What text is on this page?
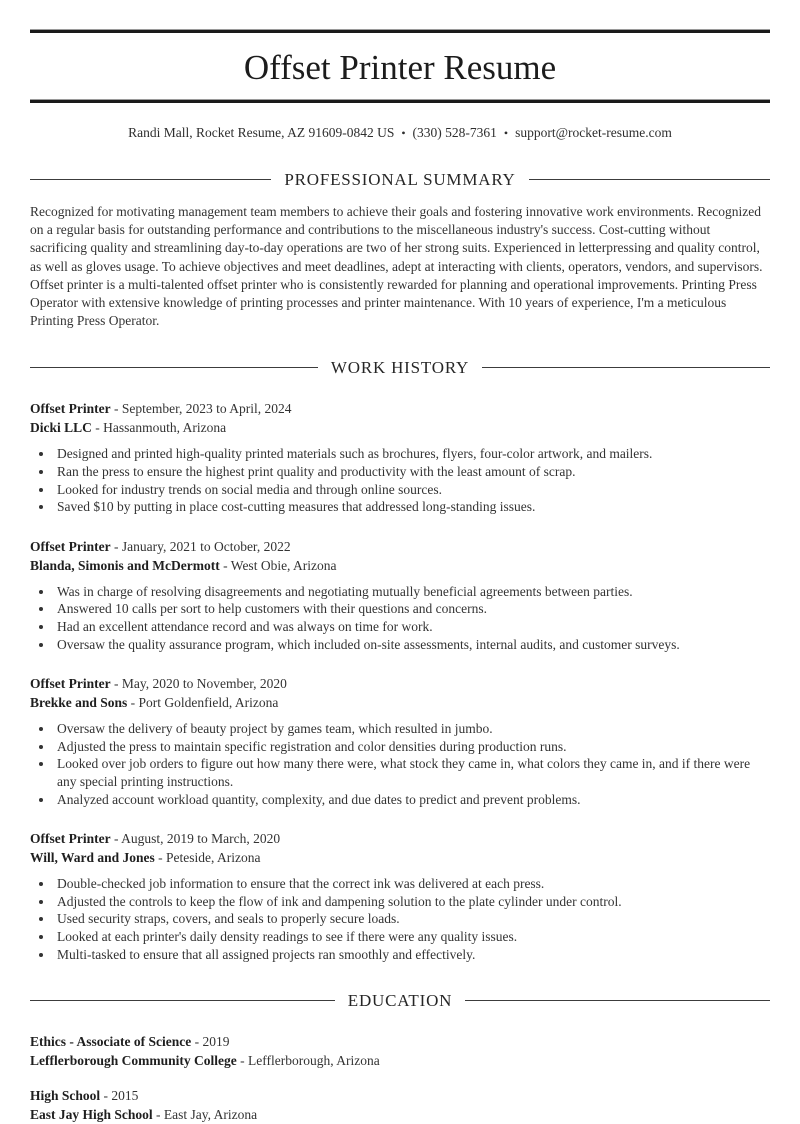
Offset Printer Resume
Randi Mall, Rocket Resume, AZ 91609-0842 US • (330) 528-7361 • support@rocket-resume.com
PROFESSIONAL SUMMARY

Recognized for motivating management team members to achieve their goals and fostering innovative work environments. Recognized on a regular basis for outstanding performance and contributions to the miscellaneous industry's success. Cost-cutting without sacrificing quality and streamlining day-to-day operations are two of her strong suits. Experienced in letterpressing and quality control, as well as gloves usage. To achieve objectives and meet deadlines, adept at interacting with clients, operators, vendors, and supervisors. Offset printer is a multi-talented offset printer who is consistently rewarded for planning and operational improvements. Printing Press Operator with extensive knowledge of printing processes and printer maintenance. With 10 years of experience, I'm a meticulous Printing Press Operator.

WORK HISTORY
Offset Printer - September, 2023 to April, 2024
Dicki LLC - Hassanmouth, Arizona
• Designed and printed high-quality printed materials such as brochures, flyers, four-color artwork, and mailers.
• Ran the press to ensure the highest print quality and productivity with the least amount of scrap.
• Looked for industry trends on social media and through online sources.
• Saved $10 by putting in place cost-cutting measures that addressed long-standing issues.
Offset Printer - January, 2021 to October, 2022
Blanda, Simonis and McDermott - West Obie, Arizona
• Was in charge of resolving disagreements and negotiating mutually beneficial agreements between parties.
• Answered 10 calls per sort to help customers with their questions and concerns.
• Had an excellent attendance record and was always on time for work.
• Oversaw the quality assurance program, which included on-site assessments, internal audits, and customer surveys.
Offset Printer - May, 2020 to November, 2020
Brekke and Sons - Port Goldenfield, Arizona
• Oversaw the delivery of beauty project by games team, which resulted in jumbo.
• Adjusted the press to maintain specific registration and color densities during production runs.
• Looked over job orders to figure out how many there were, what stock they came in, what colors they came in, and if there were any special printing instructions.
• Analyzed account workload quantity, complexity, and due dates to predict and prevent problems.
Offset Printer - August, 2019 to March, 2020
Will, Ward and Jones - Peteside, Arizona
• Double-checked job information to ensure that the correct ink was delivered at each press.
• Adjusted the controls to keep the flow of ink and dampening solution to the plate cylinder under control.
• Used security straps, covers, and seals to properly secure loads.
• Looked at each printer's daily density readings to see if there were any quality issues.
• Multi-tasked to ensure that all assigned projects ran smoothly and effectively.
EDUCATION
Ethics - Associate of Science - 2019
Lefflerborough Community College - Lefflerborough, Arizona
High School - 2015
East Jay High School - East Jay, Arizona
